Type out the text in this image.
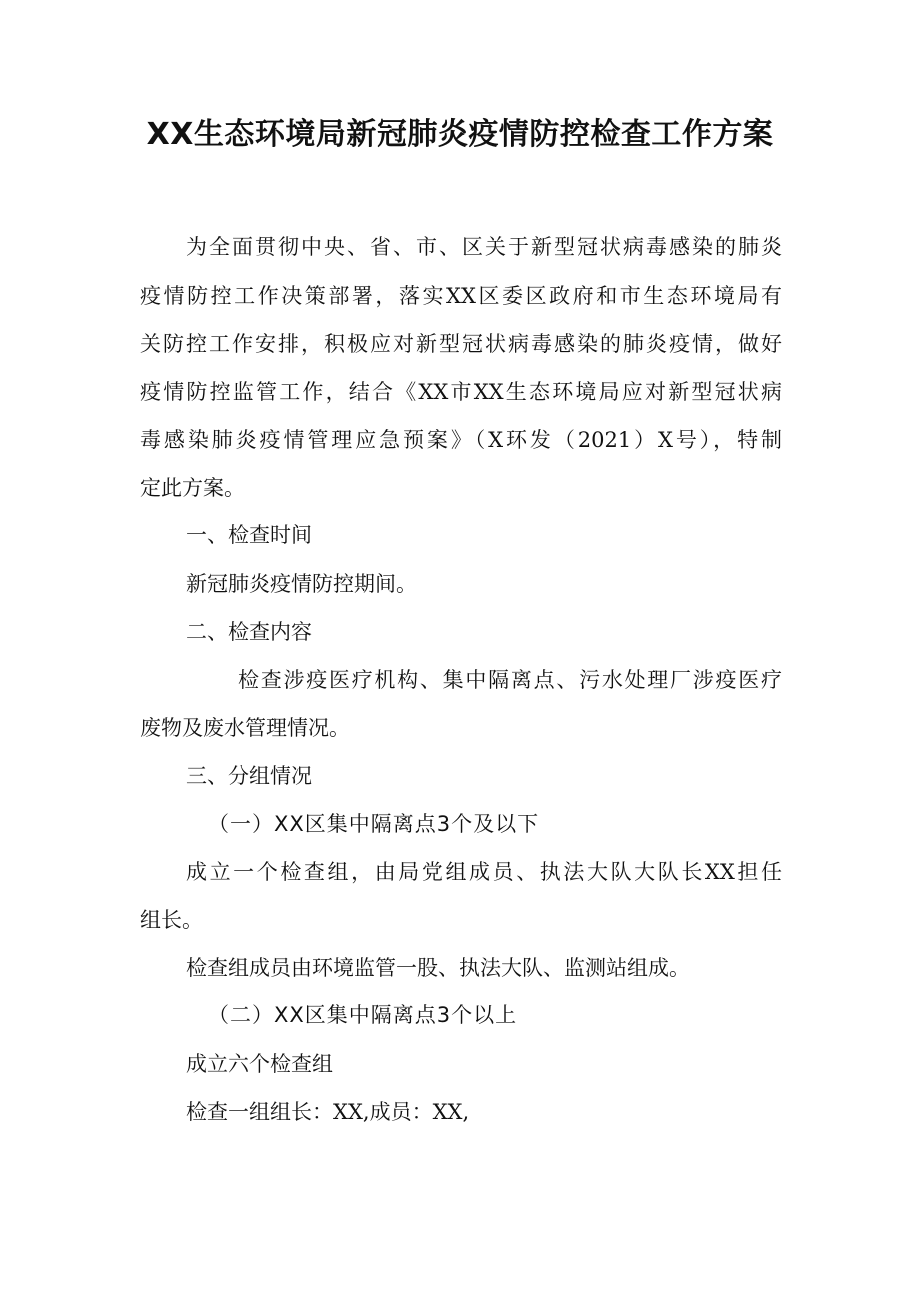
XX生态环境局新冠肺炎疫情防控检查工作方案
为全面贯彻中央、省、市、区关于新型冠状病毒感染的肺炎
疫情防控工作决策部署，落实XX区委区政府和市生态环境局有
关防控工作安排，积极应对新型冠状病毒感染的肺炎疫情，做好
疫情防控监管工作，结合《XX市XX生态环境局应对新型冠状病
毒感染肺炎疫情管理应急预案》（X环发（2021）X号），特制
定此方案。
一、检查时间
新冠肺炎疫情防控期间。
二、检查内容
检查涉疫医疗机构、集中隔离点、污水处理厂涉疫医疗
废物及废水管理情况。
三、分组情况
（一）XX区集中隔离点3个及以下
成立一个检查组，由局党组成员、执法大队大队长XX担任
组长。
检查组成员由环境监管一股、执法大队、监测站组成。
（二）XX区集中隔离点3个以上
成立六个检查组
检查一组组长：XX,成员：XX,
